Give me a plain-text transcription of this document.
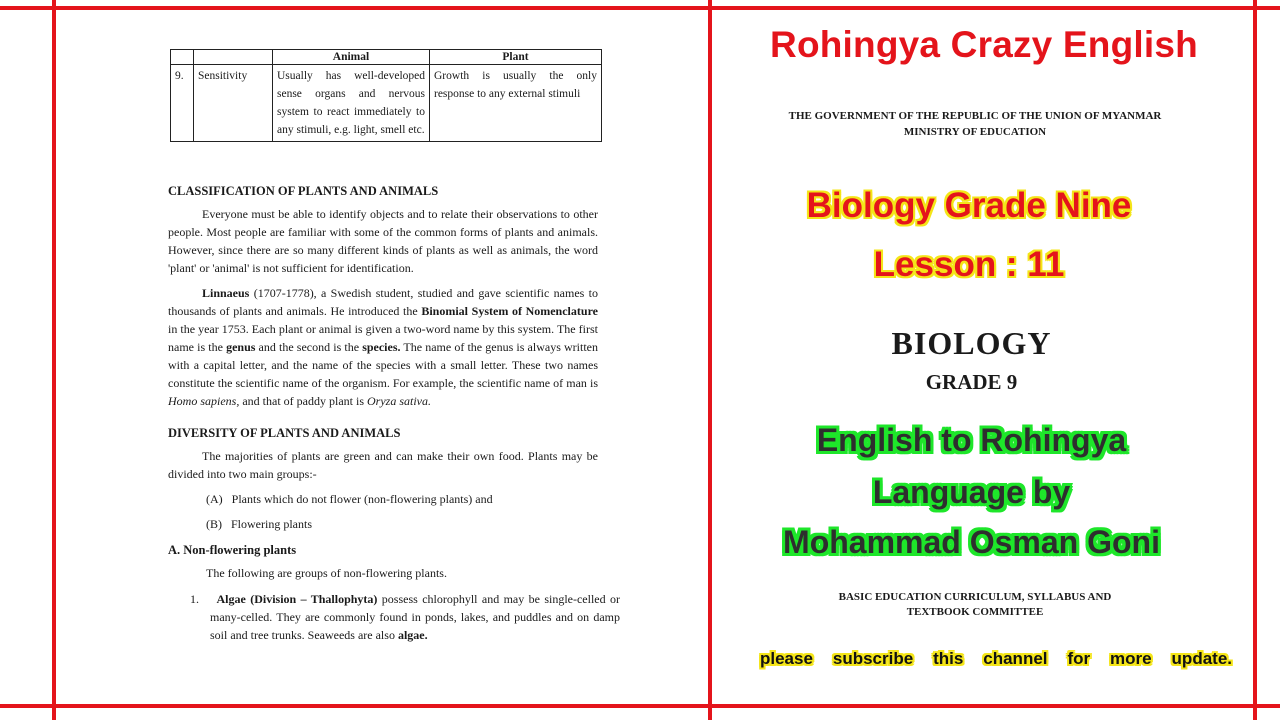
		Animal	Plant
9.	Sensitivity	Usually has well-developed sense organs and nervous system to react immediately to any stimuli, e.g. light, smell etc.	Growth is usually the only response to any external stimuli
CLASSIFICATION OF PLANTS AND ANIMALS
Everyone must be able to identify objects and to relate their observations to other people. Most people are familiar with some of the common forms of plants and animals. However, since there are so many different kinds of plants as well as animals, the word 'plant' or 'animal' is not sufficient for identification.
Linnaeus (1707-1778), a Swedish student, studied and gave scientific names to thousands of plants and animals. He introduced the Binomial System of Nomenclature in the year 1753. Each plant or animal is given a two-word name by this system. The first name is the genus and the second is the species. The name of the genus is always written with a capital letter, and the name of the species with a small letter. These two names constitute the scientific name of the organism. For example, the scientific name of man is Homo sapiens, and that of paddy plant is Oryza sativa.
DIVERSITY OF PLANTS AND ANIMALS
The majorities of plants are green and can make their own food. Plants may be divided into two main groups:-
(A) Plants which do not flower (non-flowering plants) and
(B) Flowering plants
A. Non-flowering plants
The following are groups of non-flowering plants.
1. Algae (Division – Thallophyta) possess chlorophyll and may be single-celled or many-celled. They are commonly found in ponds, lakes, and puddles and on damp soil and tree trunks. Seaweeds are also algae.
Rohingya Crazy English
THE GOVERNMENT OF THE REPUBLIC OF THE UNION OF MYANMAR
MINISTRY OF EDUCATION
Biology Grade Nine
Lesson : 11
BIOLOGY
GRADE 9
English to Rohingya
Language by
Mohammad Osman Goni
BASIC EDUCATION CURRICULUM, SYLLABUS AND
TEXTBOOK COMMITTEE
please subscribe this channel for more update.
